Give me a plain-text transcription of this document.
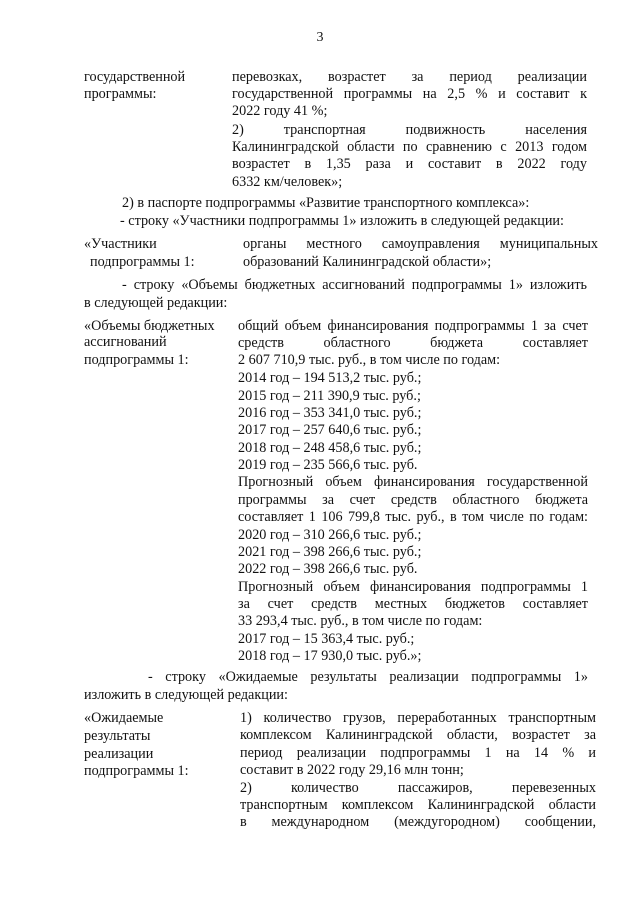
3
государственной
программы:
перевозках, возрастет за период реализации
государственной программы на 2,5 % и составит к
2022 году 41 %;
2) транспортная подвижность населения
Калининградской области по сравнению с 2013 годом
возрастет в 1,35 раза и составит в 2022 году
6332 км/человек»;
2) в паспорте подпрограммы «Развитие транспортного комплекса»:
- строку «Участники подпрограммы 1» изложить в следующей редакции:
«Участники
подпрограммы 1:
органы местного самоуправления муниципальных
образований Калининградской области»;
- строку «Объемы бюджетных ассигнований подпрограммы 1» изложить
в следующей редакции:
«Объемы бюджетных
ассигнований
подпрограммы 1:
общий объем финансирования подпрограммы 1 за счет
средств областного бюджета составляет
2 607 710,9 тыс. руб., в том числе по годам:
2014 год – 194 513,2 тыс. руб.;
2015 год – 211 390,9 тыс. руб.;
2016 год – 353 341,0 тыс. руб.;
2017 год – 257 640,6 тыс. руб.;
2018 год – 248 458,6 тыс. руб.;
2019 год – 235 566,6 тыс. руб.
Прогнозный объем финансирования государственной
программы за счет средств областного бюджета
составляет 1 106 799,8 тыс. руб., в том числе по годам:
2020 год – 310 266,6 тыс. руб.;
2021 год – 398 266,6 тыс. руб.;
2022 год – 398 266,6 тыс. руб.
Прогнозный объем финансирования подпрограммы 1
за счет средств местных бюджетов составляет
33 293,4 тыс. руб., в том числе по годам:
2017 год – 15 363,4 тыс. руб.;
2018 год – 17 930,0 тыс. руб.»;
- строку «Ожидаемые результаты реализации подпрограммы 1»
изложить в следующей редакции:
«Ожидаемые
результаты
реализации
подпрограммы 1:
1) количество грузов, переработанных транспортным
комплексом Калининградской области, возрастет за
период реализации подпрограммы 1 на 14 % и
составит в 2022 году 29,16 млн тонн;
2) количество пассажиров, перевезенных
транспортным комплексом Калининградской области
в международном (междугородном) сообщении,
